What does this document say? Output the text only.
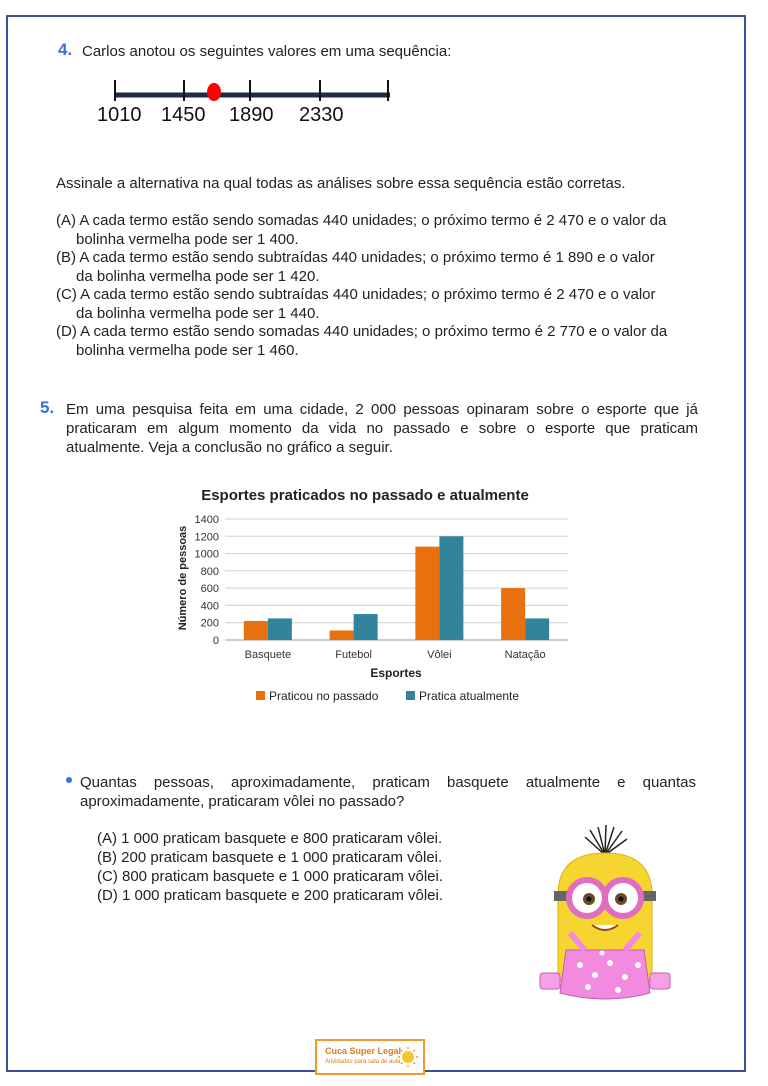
4. Carlos anotou os seguintes valores em uma sequência:
1010 1450 1890 2330
Assinale a alternativa na qual todas as análises sobre essa sequência estão corretas.
(A) A cada termo estão sendo somadas 440 unidades; o próximo termo é 2 470 e o valor da
bolinha vermelha pode ser 1 400.
(B) A cada termo estão sendo subtraídas 440 unidades; o próximo termo é 1 890 e o valor
da bolinha vermelha pode ser 1 420.
(C) A cada termo estão sendo subtraídas 440 unidades; o próximo termo é 2 470 e o valor
da bolinha vermelha pode ser 1 440.
(D) A cada termo estão sendo somadas 440 unidades; o próximo termo é 2 770 e o valor da
bolinha vermelha pode ser 1 460.
5. Em uma pesquisa feita em uma cidade, 2 000 pessoas opinaram sobre o esporte que já
praticaram em algum momento da vida no passado e sobre o esporte que praticam
atualmente. Veja a conclusão no gráfico a seguir.
Esportes praticados no passado e atualmente
Número de pessoas
Esportes
0
200
400
600
800
1000
1200
1400
Basquete	Futebol	Vôlei	Natação
Praticou no passado	Pratica atualmente
Quantas pessoas, aproximadamente, praticam basquete atualmente e quantas
aproximadamente, praticaram vôlei no passado?
(A) 1 000 praticam basquete e 800 praticaram vôlei.
(B) 200 praticam basquete e 1 000 praticaram vôlei.
(C) 800 praticam basquete e 1 000 praticaram vôlei.
(D) 1 000 praticam basquete e 200 praticaram vôlei.
Cuca Super Legal
Atividades para sala de aula
